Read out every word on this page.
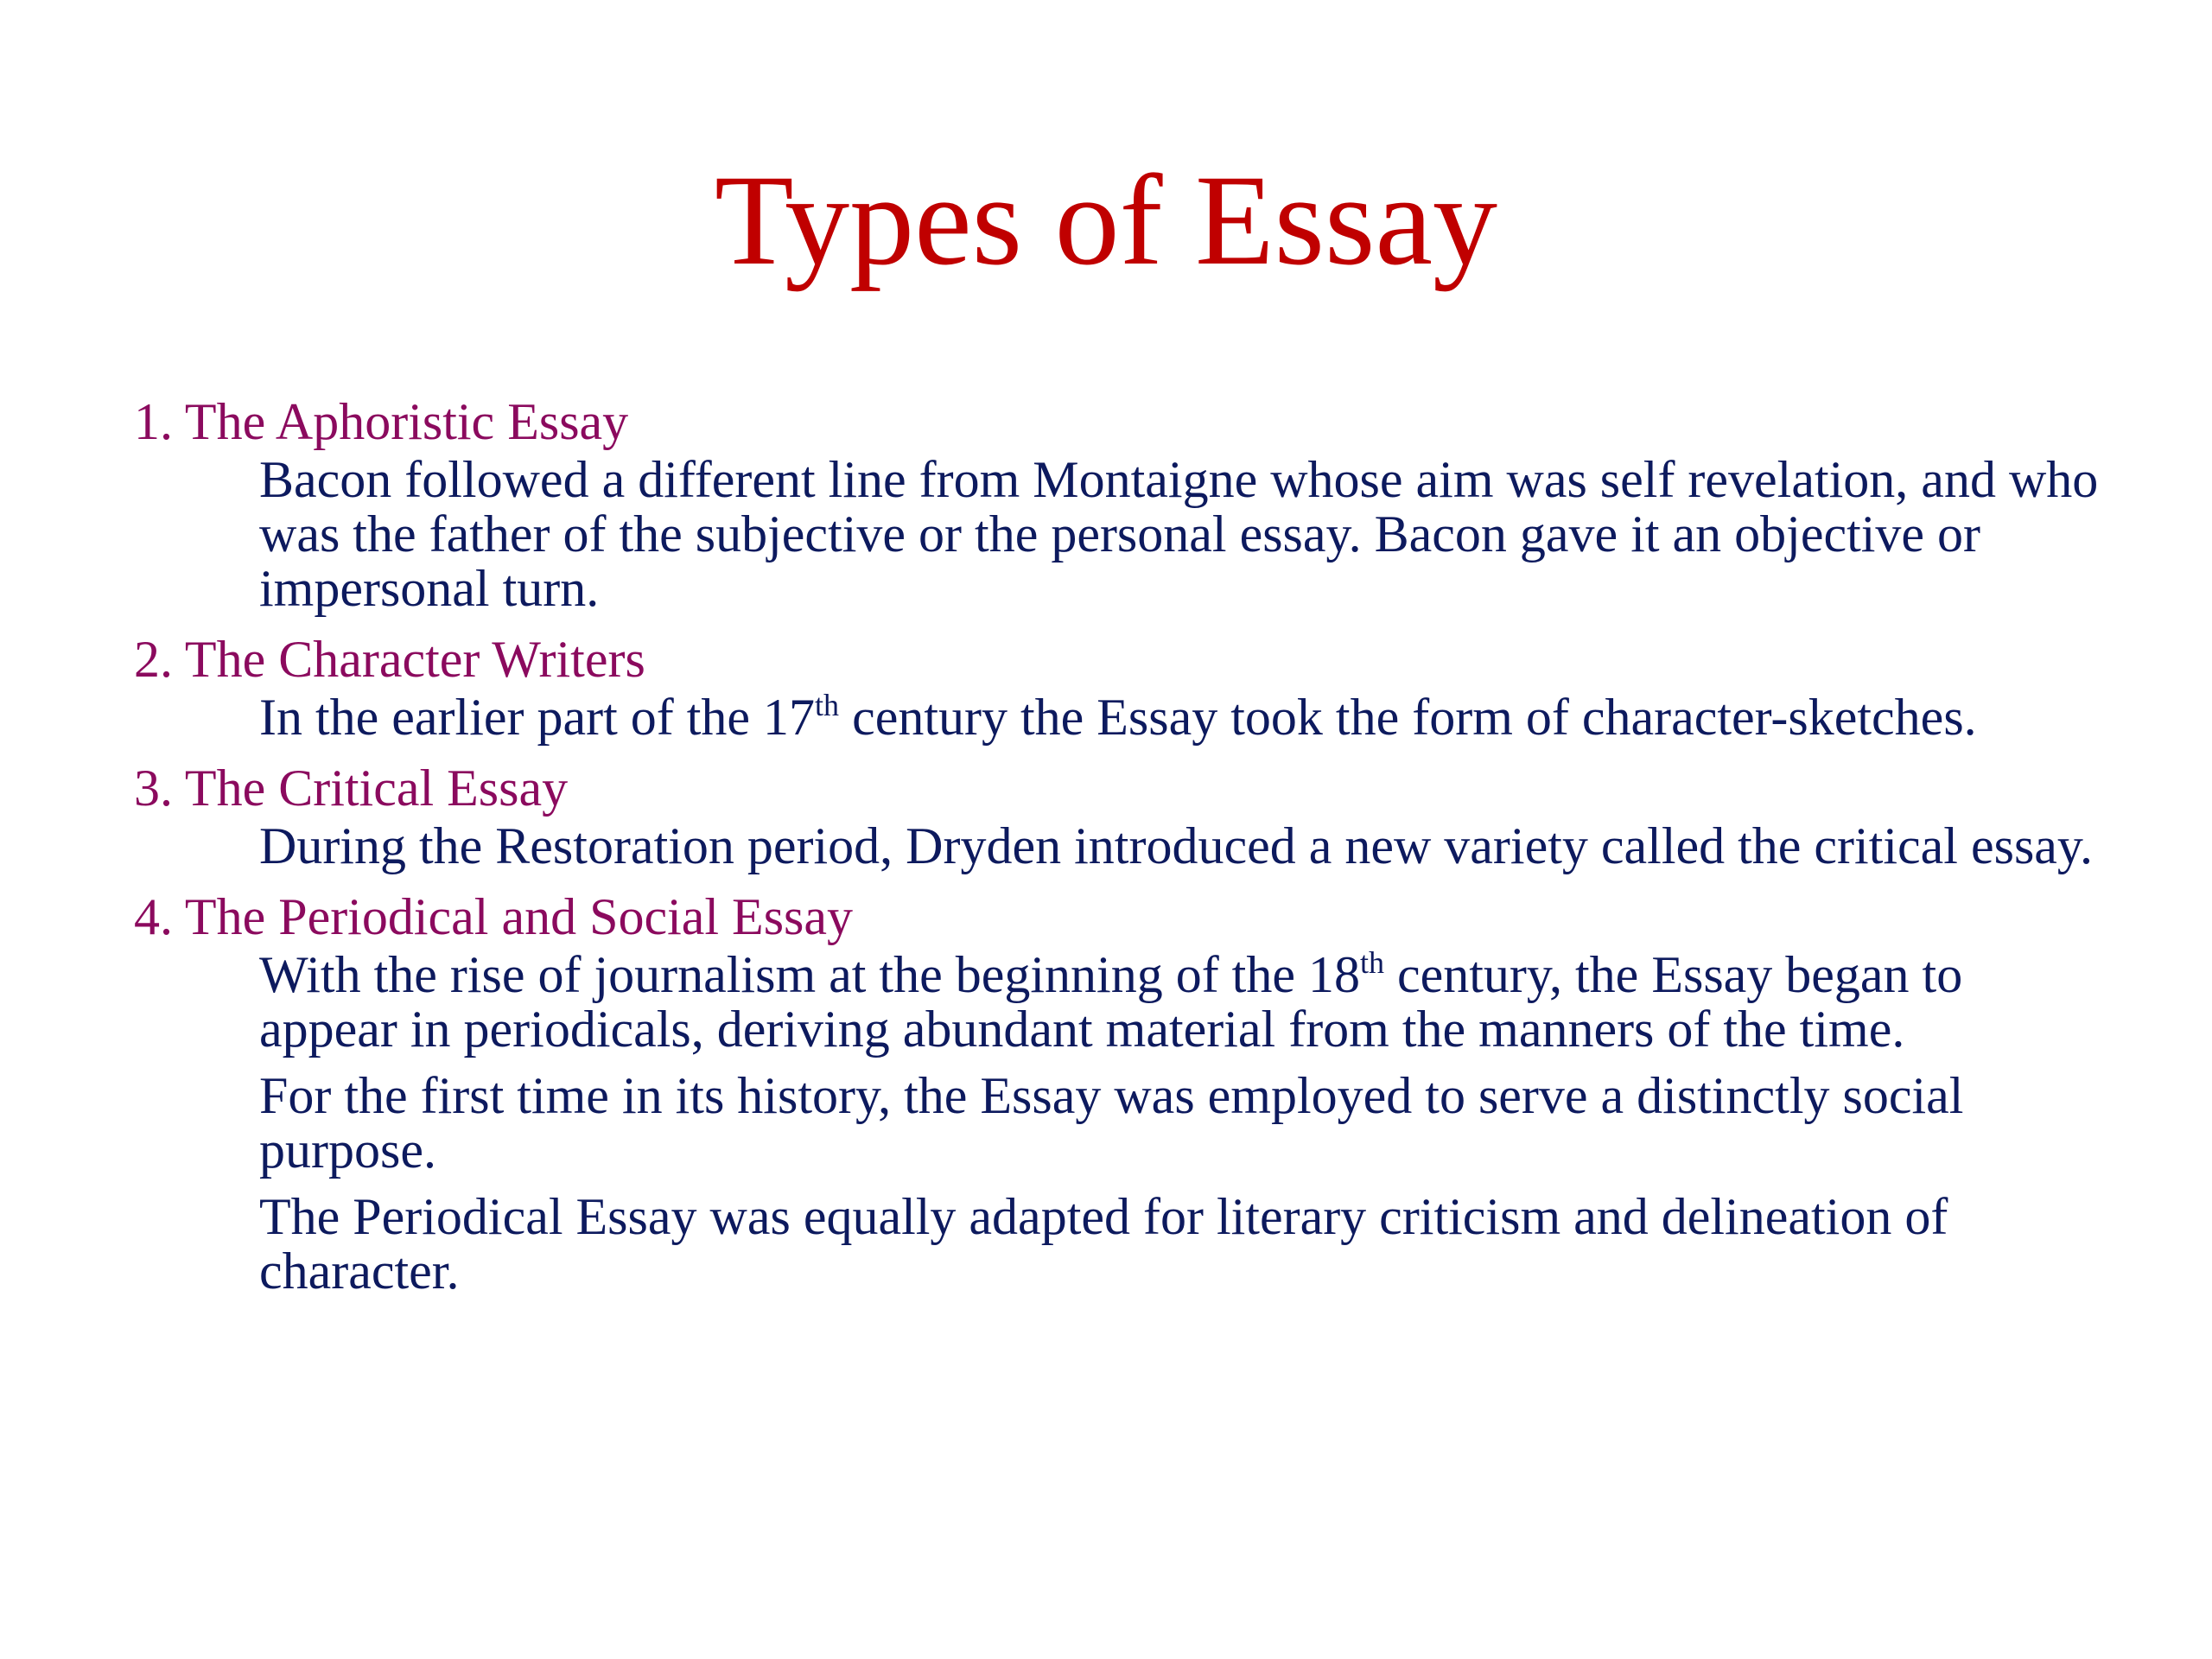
Types of Essay

1. The Aphoristic Essay

Bacon followed a different line from Montaigne whose aim was self revelation, and who was the father of the subjective or the personal essay. Bacon gave it an objective or impersonal turn.

2. The Character Writers

In the earlier part of the 17th century the Essay took the form of character-sketches.

3. The Critical Essay

During the Restoration period, Dryden introduced a new variety called the critical essay.

4. The Periodical and Social Essay

With the rise of journalism at the beginning of the 18th century, the Essay began to appear in periodicals, deriving abundant material from the manners of the time.

For the first time in its history, the Essay was employed to serve a distinctly social purpose.

The Periodical Essay was equally adapted for literary criticism and delineation of character.
